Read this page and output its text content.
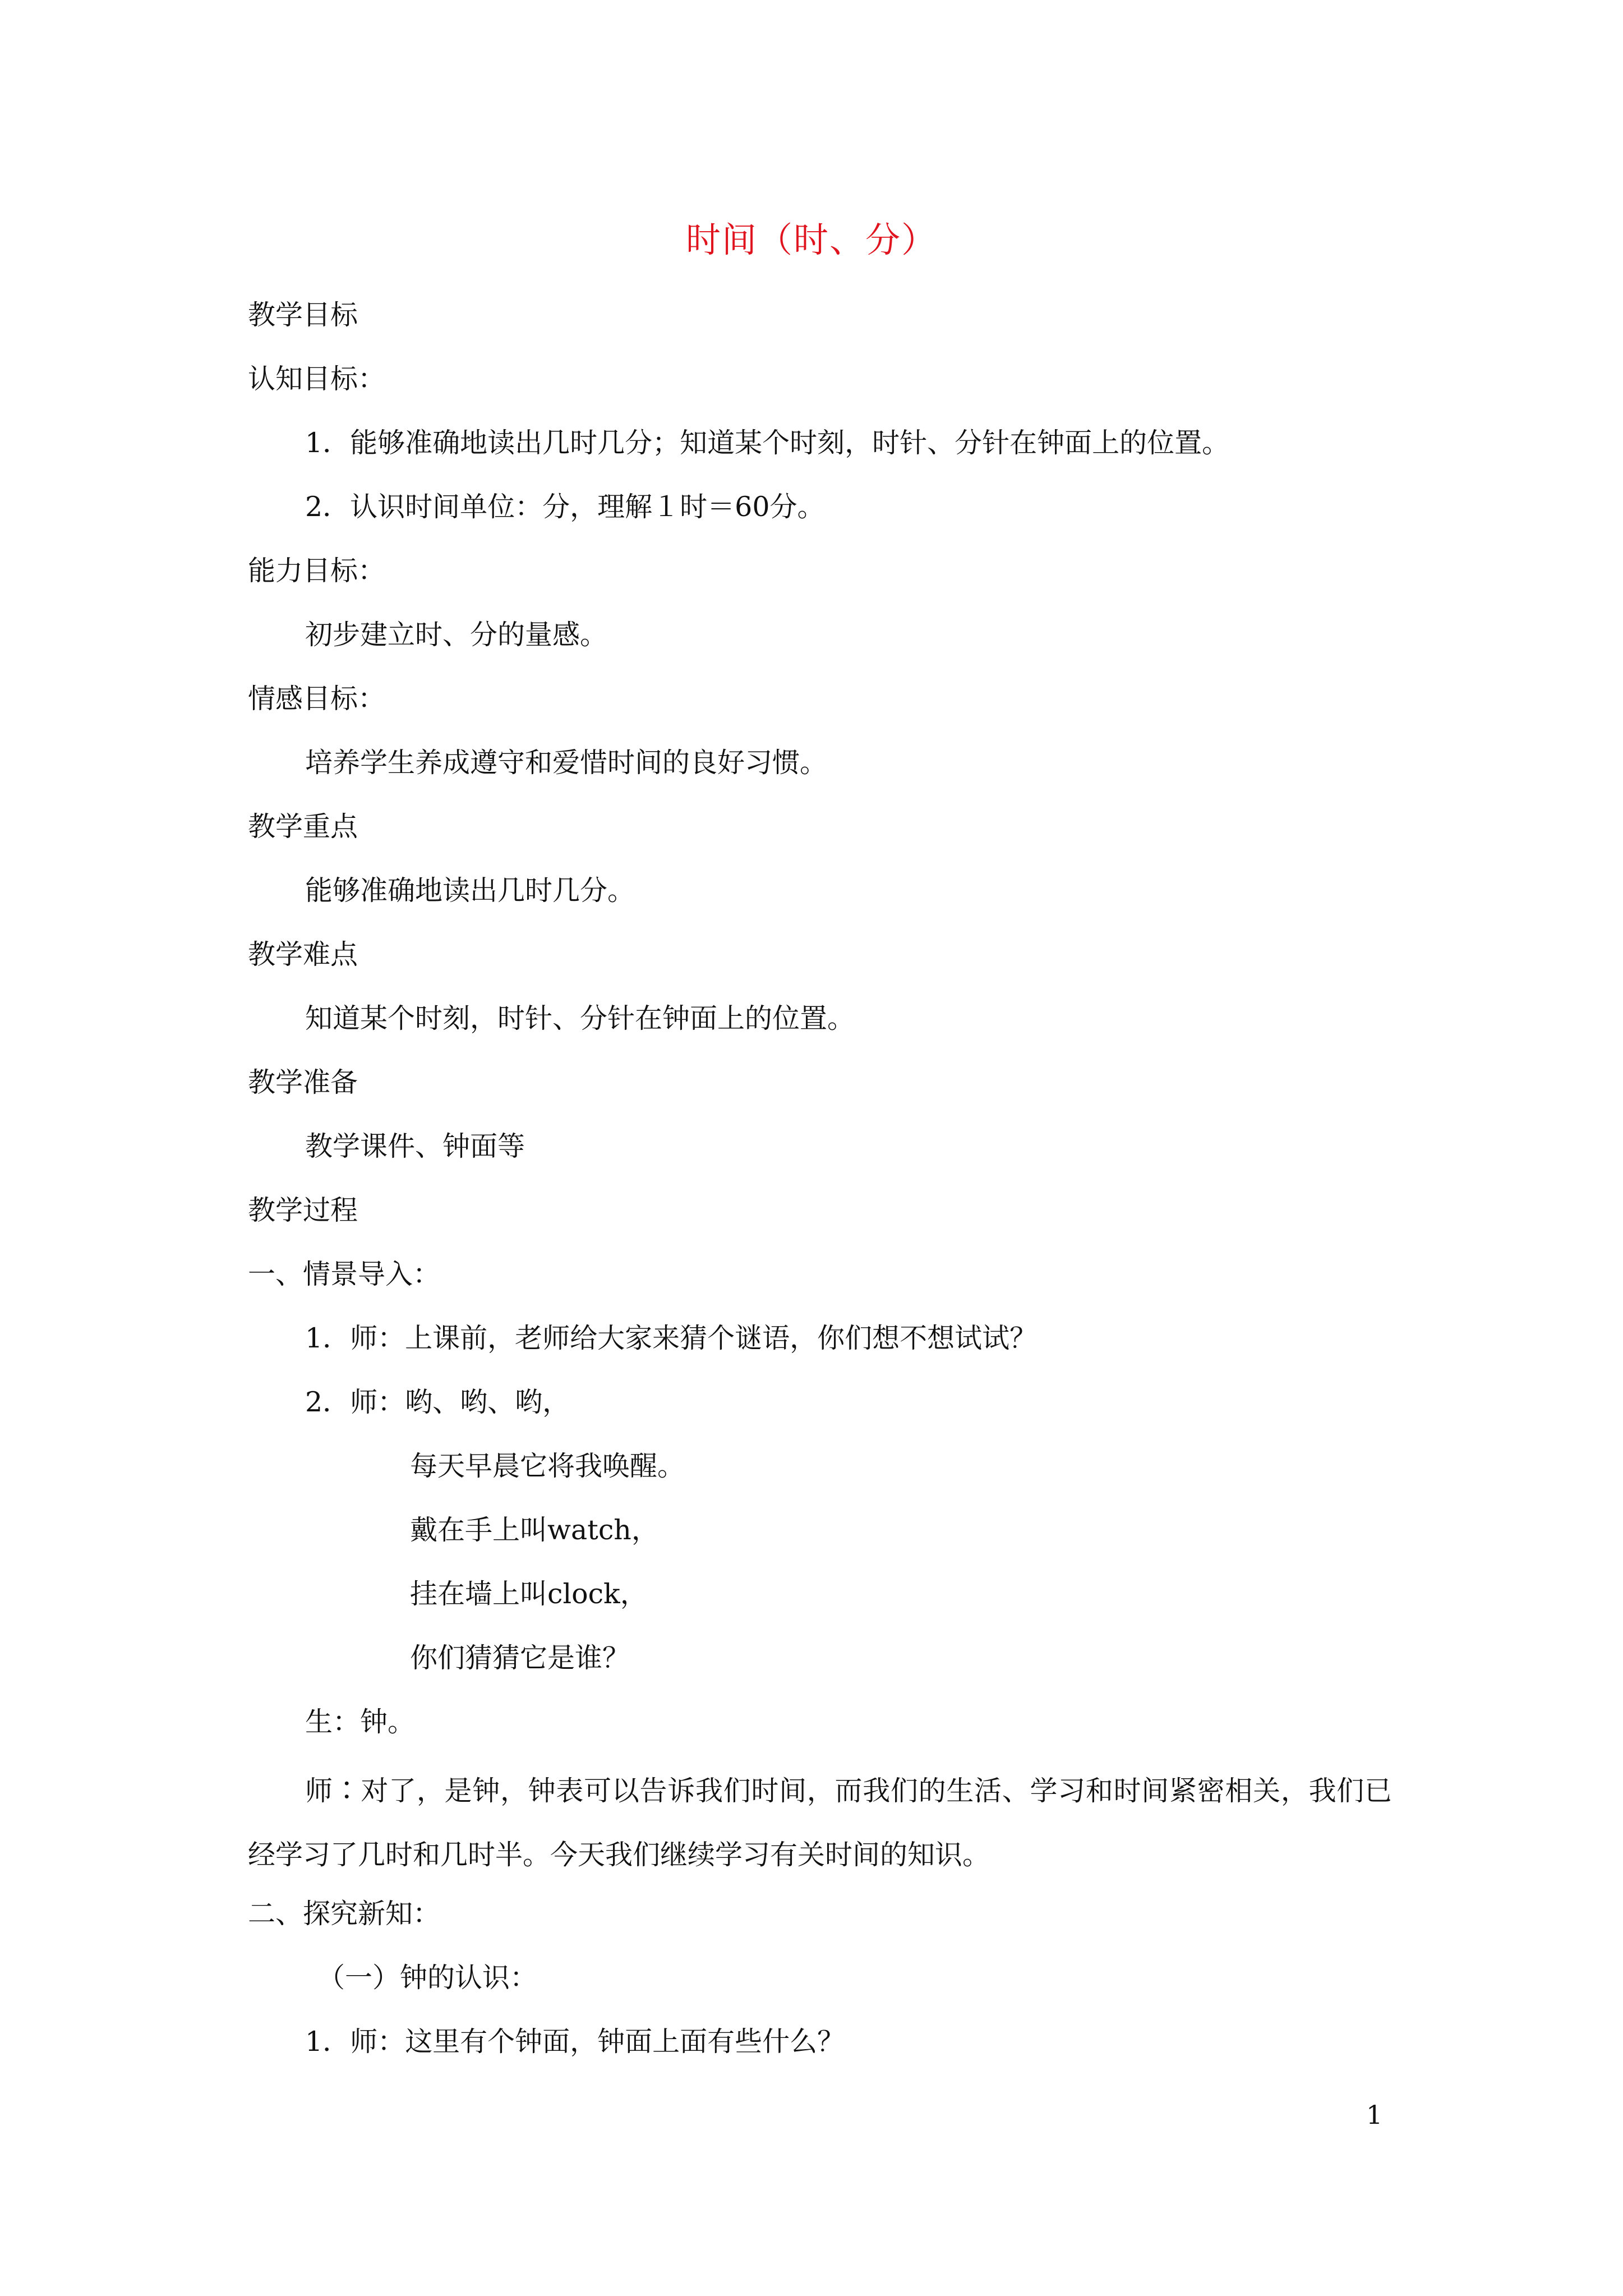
时间（时、分）
教学目标
认知目标：
1．能够准确地读出几时几分；知道某个时刻，时针、分针在钟面上的位置。
2．认识时间单位：分，理解１时＝60分。
能力目标：
初步建立时、分的量感。
情感目标：
培养学生养成遵守和爱惜时间的良好习惯。
教学重点
能够准确地读出几时几分。
教学难点
知道某个时刻，时针、分针在钟面上的位置。
教学准备
教学课件、钟面等
教学过程
一、情景导入：
1．师：上课前，老师给大家来猜个谜语，你们想不想试试？
2．师：哟、哟、哟，
每天早晨它将我唤醒。
戴在手上叫watch，
挂在墙上叫clock，
你们猜猜它是谁？
生：钟。
师∶对了，是钟，钟表可以告诉我们时间，而我们的生活、学习和时间紧密相关，我们已经学习了几时和几时半。今天我们继续学习有关时间的知识。
二、探究新知：
（一）钟的认识：
1．师：这里有个钟面，钟面上面有些什么？
1
